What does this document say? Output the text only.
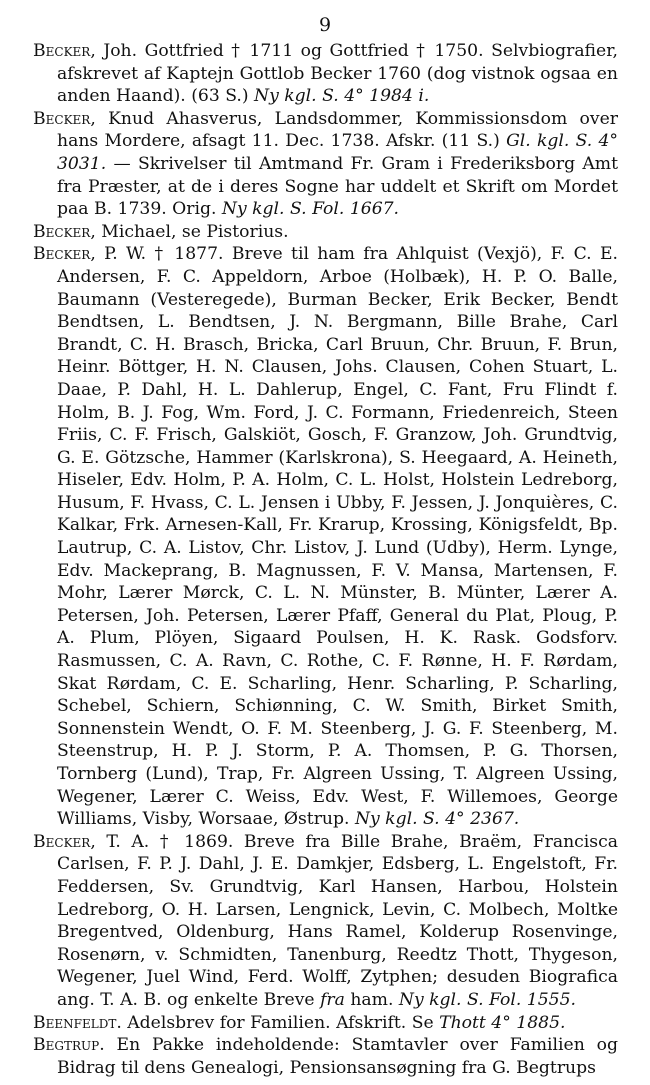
9

Becker, Joh. Gottfried † 1711 og Gottfried † 1750. Selvbiografier, afskrevet af Kaptejn Gottlob Becker 1760 (dog vistnok ogsaa en anden Haand). (63 S.) Ny kgl. S. 4° 1984 i.

Becker, Knud Ahasverus, Landsdommer, Kommissionsdom over hans Mordere, afsagt 11. Dec. 1738. Afskr. (11 S.) Gl. kgl. S. 4° 3031. — Skrivelser til Amtmand Fr. Gram i Frederiksborg Amt fra Præster, at de i deres Sogne har uddelt et Skrift om Mordet paa B. 1739. Orig. Ny kgl. S. Fol. 1667.

Becker, Michael, se Pistorius.

Becker, P. W. † 1877. Breve til ham fra Ahlquist (Vexjö), F. C. E. Andersen, F. C. Appeldorn, Arboe (Holbæk), H. P. O. Balle, Baumann (Vesteregede), Burman Becker, Erik Becker, Bendt Bendtsen, L. Bendtsen, J. N. Bergmann, Bille Brahe, Carl Brandt, C. H. Brasch, Bricka, Carl Bruun, Chr. Bruun, F. Brun, Heinr. Böttger, H. N. Clausen, Johs. Clausen, Cohen Stuart, L. Daae, P. Dahl, H. L. Dahlerup, Engel, C. Fant, Fru Flindt f. Holm, B. J. Fog, Wm. Ford, J. C. Formann, Friedenreich, Steen Friis, C. F. Frisch, Galskiöt, Gosch, F. Granzow, Joh. Grundtvig, G. E. Götzsche, Hammer (Karlskrona), S. Heegaard, A. Heineth, Hiseler, Edv. Holm, P. A. Holm, C. L. Holst, Holstein Ledreborg, Husum, F. Hvass, C. L. Jensen i Ubby, F. Jessen, J. Jonquières, C. Kalkar, Frk. Arnesen-Kall, Fr. Krarup, Krossing, Königsfeldt, Bp. Lautrup, C. A. Listov, Chr. Listov, J. Lund (Udby), Herm. Lynge, Edv. Mackeprang, B. Magnussen, F. V. Mansa, Martensen, F. Mohr, Lærer Mørck, C. L. N. Münster, B. Münter, Lærer A. Petersen, Joh. Petersen, Lærer Pfaff, General du Plat, Ploug, P. A. Plum, Plöyen, Sigaard Poulsen, H. K. Rask. Godsforv. Rasmussen, C. A. Ravn, C. Rothe, C. F. Rønne, H. F. Rørdam, Skat Rørdam, C. E. Scharling, Henr. Scharling, P. Scharling, Schebel, Schiern, Schiønning, C. W. Smith, Birket Smith, Sonnenstein Wendt, O. F. M. Steenberg, J. G. F. Steenberg, M. Steenstrup, H. P. J. Storm, P. A. Thomsen, P. G. Thorsen, Tornberg (Lund), Trap, Fr. Algreen Ussing, T. Algreen Ussing, Wegener, Lærer C. Weiss, Edv. West, F. Willemoes, George Williams, Visby, Worsaae, Østrup. Ny kgl. S. 4° 2367.

Becker, T. A. † 1869. Breve fra Bille Brahe, Braëm, Francisca Carlsen, F. P. J. Dahl, J. E. Damkjer, Edsberg, L. Engelstoft, Fr. Feddersen, Sv. Grundtvig, Karl Hansen, Harbou, Holstein Ledreborg, O. H. Larsen, Lengnick, Levin, C. Molbech, Moltke Bregentved, Oldenburg, Hans Ramel, Kolderup Rosenvinge, Rosenørn, v. Schmidten, Tanenburg, Reedtz Thott, Thygeson, Wegener, Juel Wind, Ferd. Wolff, Zytphen; desuden Biografica ang. T. A. B. og enkelte Breve fra ham. Ny kgl. S. Fol. 1555.

Beenfeldt. Adelsbrev for Familien. Afskrift. Se Thott 4° 1885.

Begtrup. En Pakke indeholdende: Stamtavler over Familien og Bidrag til dens Genealogi, Pensionsansøgning fra G. Begtrups
